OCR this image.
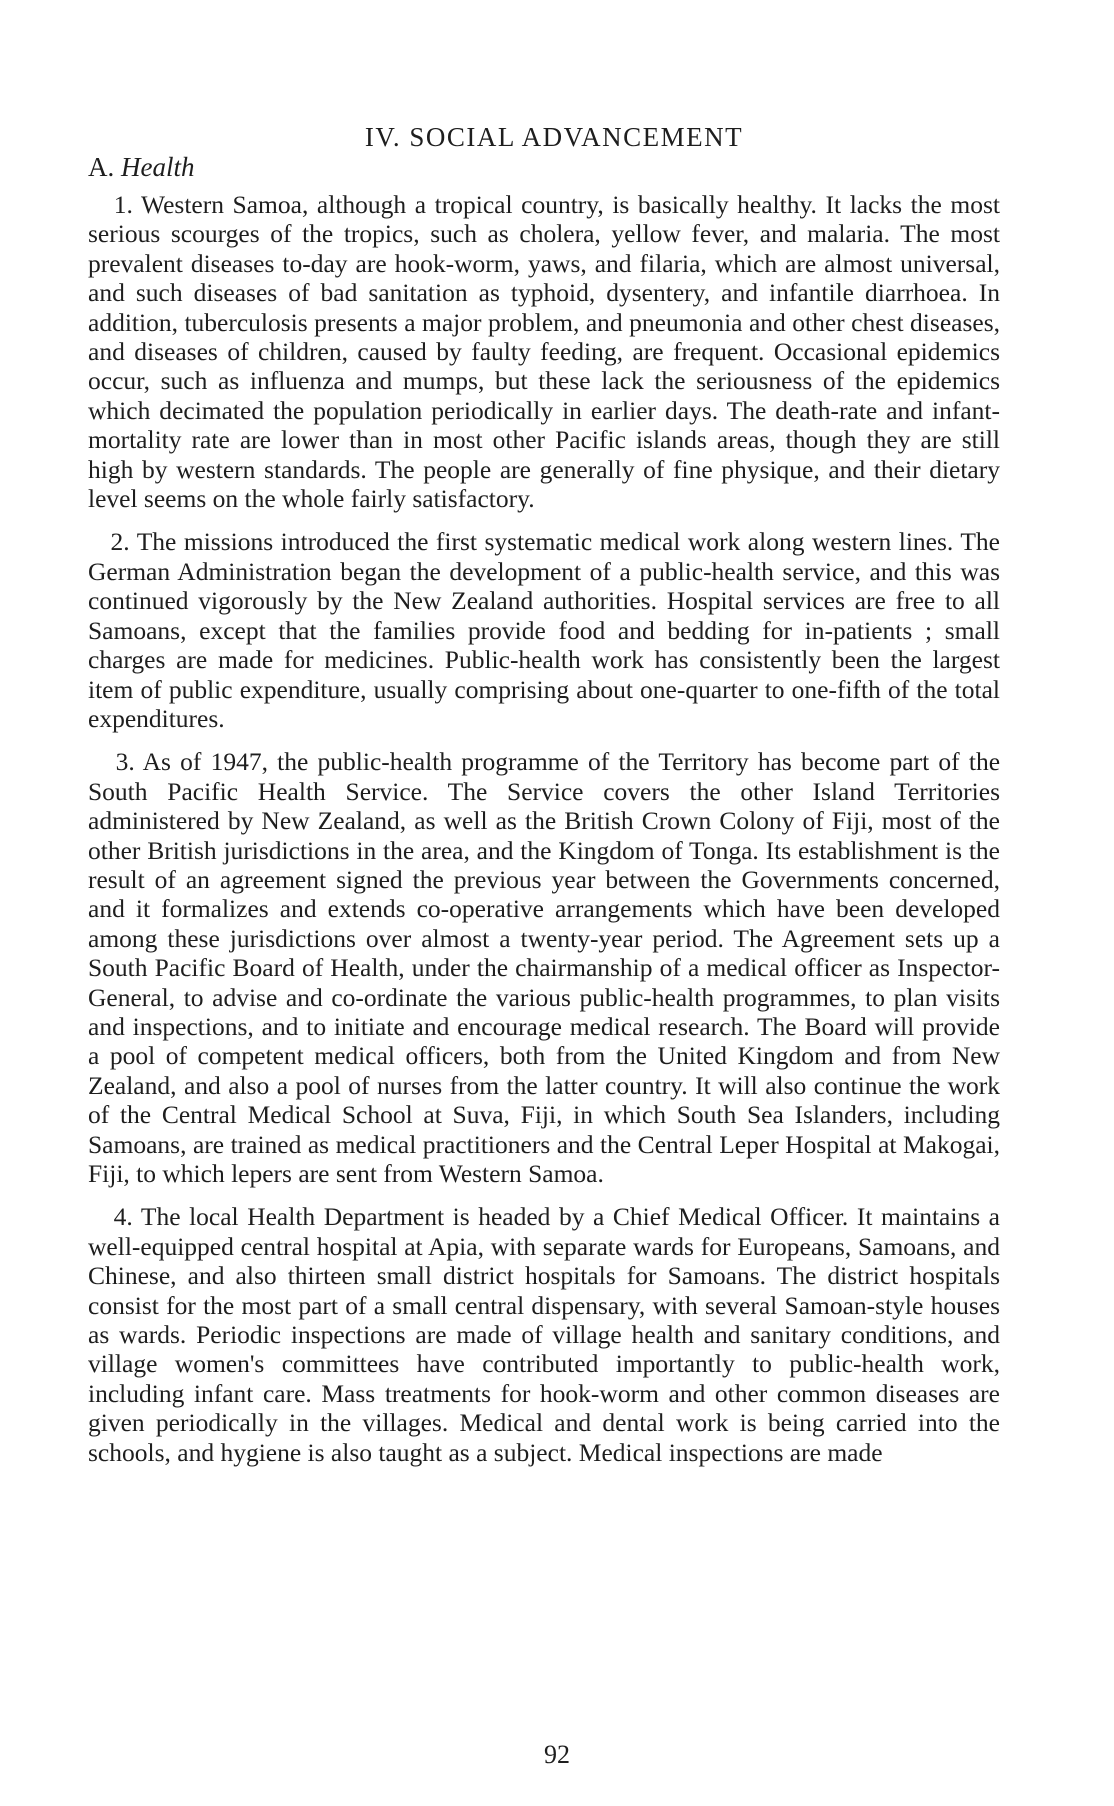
IV. SOCIAL ADVANCEMENT
A. Health

1. Western Samoa, although a tropical country, is basically healthy. It lacks the most serious scourges of the tropics, such as cholera, yellow fever, and malaria. The most prevalent diseases to-day are hook-worm, yaws, and filaria, which are almost universal, and such diseases of bad sanitation as typhoid, dysentery, and infantile diarrhoea. In addition, tuberculosis presents a major problem, and pneumonia and other chest diseases, and diseases of children, caused by faulty feeding, are frequent. Occasional epidemics occur, such as influenza and mumps, but these lack the seriousness of the epidemics which decimated the population periodically in earlier days. The death-rate and infant-mortality rate are lower than in most other Pacific islands areas, though they are still high by western standards. The people are generally of fine physique, and their dietary level seems on the whole fairly satisfactory.

2. The missions introduced the first systematic medical work along western lines. The German Administration began the development of a public-health service, and this was continued vigorously by the New Zealand authorities. Hospital services are free to all Samoans, except that the families provide food and bedding for in-patients ; small charges are made for medicines. Public-health work has consistently been the largest item of public expenditure, usually comprising about one-quarter to one-fifth of the total expenditures.

3. As of 1947, the public-health programme of the Territory has become part of the South Pacific Health Service. The Service covers the other Island Territories administered by New Zealand, as well as the British Crown Colony of Fiji, most of the other British jurisdictions in the area, and the Kingdom of Tonga. Its establishment is the result of an agreement signed the previous year between the Governments concerned, and it formalizes and extends co-operative arrangements which have been developed among these jurisdictions over almost a twenty-year period. The Agreement sets up a South Pacific Board of Health, under the chairmanship of a medical officer as Inspector-General, to advise and co-ordinate the various public-health programmes, to plan visits and inspections, and to initiate and encourage medical research. The Board will provide a pool of competent medical officers, both from the United Kingdom and from New Zealand, and also a pool of nurses from the latter country. It will also continue the work of the Central Medical School at Suva, Fiji, in which South Sea Islanders, including Samoans, are trained as medical practitioners and the Central Leper Hospital at Makogai, Fiji, to which lepers are sent from Western Samoa.

4. The local Health Department is headed by a Chief Medical Officer. It maintains a well-equipped central hospital at Apia, with separate wards for Europeans, Samoans, and Chinese, and also thirteen small district hospitals for Samoans. The district hospitals consist for the most part of a small central dispensary, with several Samoan-style houses as wards. Periodic inspections are made of village health and sanitary conditions, and village women's committees have contributed importantly to public-health work, including infant care. Mass treatments for hook-worm and other common diseases are given periodically in the villages. Medical and dental work is being carried into the schools, and hygiene is also taught as a subject. Medical inspections are made

92
